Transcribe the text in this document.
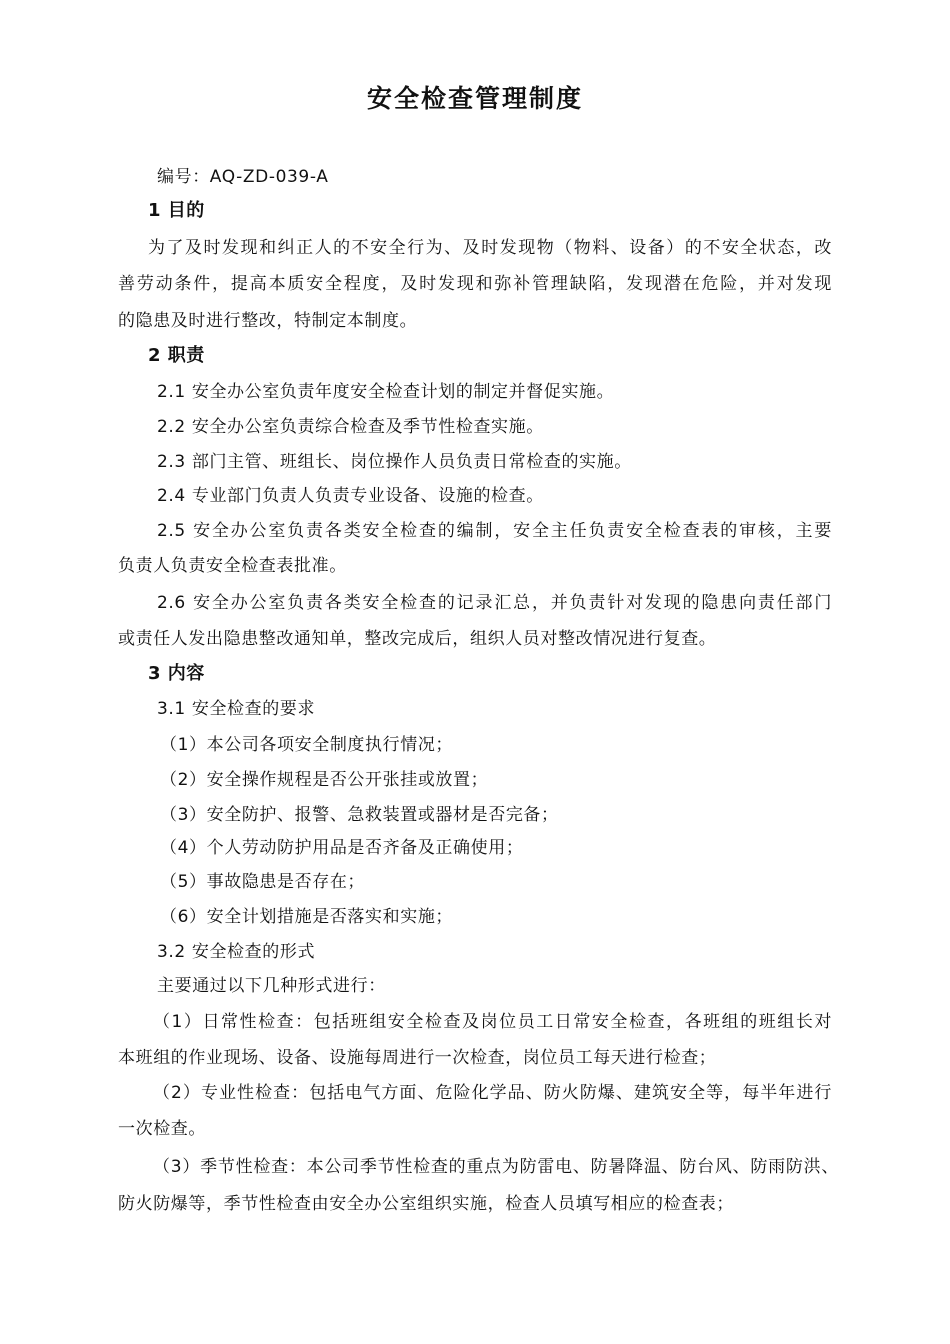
安全检查管理制度
编号：AQ-ZD-039-A
1 目的
为了及时发现和纠正人的不安全行为、及时发现物（物料、设备）的不安全状态，改
善劳动条件，提高本质安全程度，及时发现和弥补管理缺陷，发现潜在危险，并对发现
的隐患及时进行整改，特制定本制度。
2 职责
2.1 安全办公室负责年度安全检查计划的制定并督促实施。
2.2 安全办公室负责综合检查及季节性检查实施。
2.3 部门主管、班组长、岗位操作人员负责日常检查的实施。
2.4 专业部门负责人负责专业设备、设施的检查。
2.5 安全办公室负责各类安全检查的编制，安全主任负责安全检查表的审核，主要
负责人负责安全检查表批准。
2.6 安全办公室负责各类安全检查的记录汇总，并负责针对发现的隐患向责任部门
或责任人发出隐患整改通知单，整改完成后，组织人员对整改情况进行复查。
3 内容
3.1 安全检查的要求
（1）本公司各项安全制度执行情况；
（2）安全操作规程是否公开张挂或放置；
（3）安全防护、报警、急救装置或器材是否完备；
（4）个人劳动防护用品是否齐备及正确使用；
（5）事故隐患是否存在；
（6）安全计划措施是否落实和实施；
3.2 安全检查的形式
主要通过以下几种形式进行：
（1）日常性检查：包括班组安全检查及岗位员工日常安全检查，各班组的班组长对
本班组的作业现场、设备、设施每周进行一次检查，岗位员工每天进行检查；
（2）专业性检查：包括电气方面、危险化学品、防火防爆、建筑安全等，每半年进行
一次检查。
（3）季节性检查：本公司季节性检查的重点为防雷电、防暑降温、防台风、防雨防洪、
防火防爆等，季节性检查由安全办公室组织实施，检查人员填写相应的检查表；
